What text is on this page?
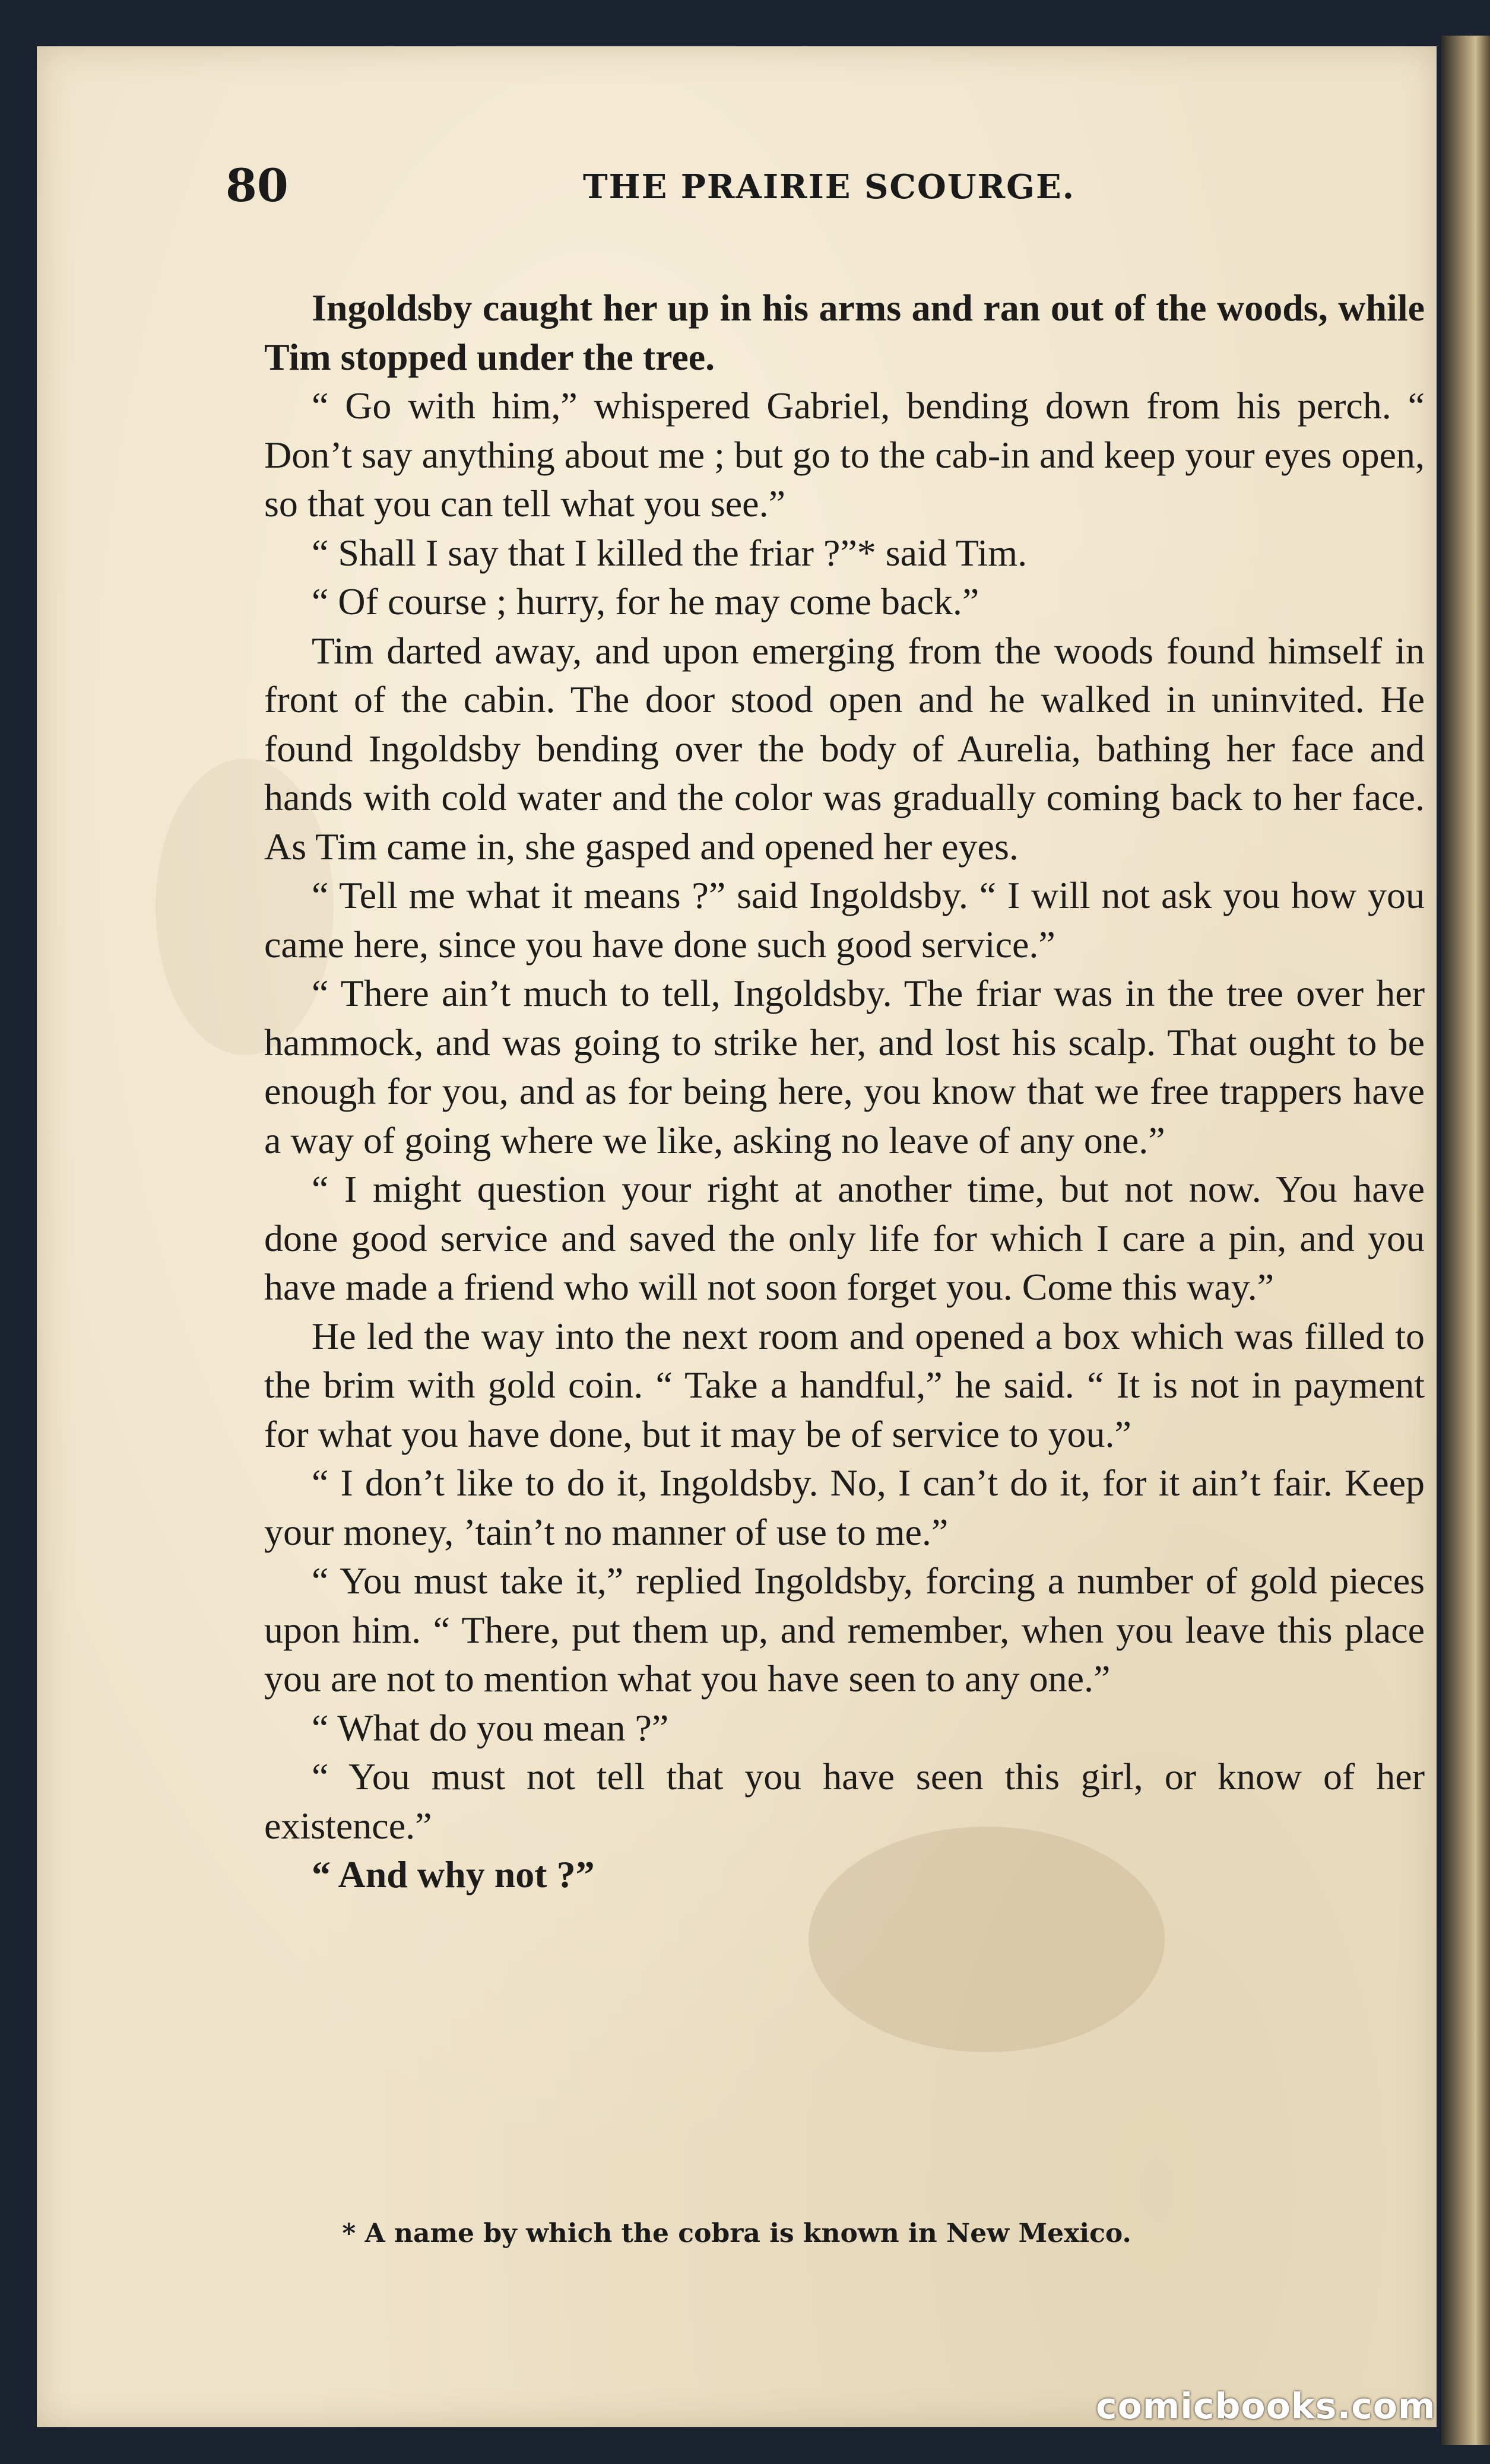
80	THE PRAIRIE SCOURGE.

Ingoldsby caught her up in his arms and ran out of the woods, while Tim stopped under the tree.

“ Go with him,” whispered Gabriel, bending down from his perch. “ Don’t say anything about me ; but go to the cab-in and keep your eyes open, so that you can tell what you see.”

“ Shall I say that I killed the friar ?”* said Tim.

“ Of course ; hurry, for he may come back.”

Tim darted away, and upon emerging from the woods found himself in front of the cabin. The door stood open and he walked in uninvited. He found Ingoldsby bending over the body of Aurelia, bathing her face and hands with cold water and the color was gradually coming back to her face. As Tim came in, she gasped and opened her eyes.

“ Tell me what it means ?” said Ingoldsby. “ I will not ask you how you came here, since you have done such good service.”

“ There ain’t much to tell, Ingoldsby. The friar was in the tree over her hammock, and was going to strike her, and lost his scalp. That ought to be enough for you, and as for being here, you know that we free trappers have a way of going where we like, asking no leave of any one.”

“ I might question your right at another time, but not now. You have done good service and saved the only life for which I care a pin, and you have made a friend who will not soon forget you. Come this way.”

He led the way into the next room and opened a box which was filled to the brim with gold coin. “ Take a handful,” he said. “ It is not in payment for what you have done, but it may be of service to you.”

“ I don’t like to do it, Ingoldsby. No, I can’t do it, for it ain’t fair. Keep your money, ’tain’t no manner of use to me.”

“ You must take it,” replied Ingoldsby, forcing a number of gold pieces upon him. “ There, put them up, and remember, when you leave this place you are not to mention what you have seen to any one.”

“ What do you mean ?”

“ You must not tell that you have seen this girl, or know of her existence.”

“ And why not ?”

* A name by which the cobra is known in New Mexico.
comicbooks.com
